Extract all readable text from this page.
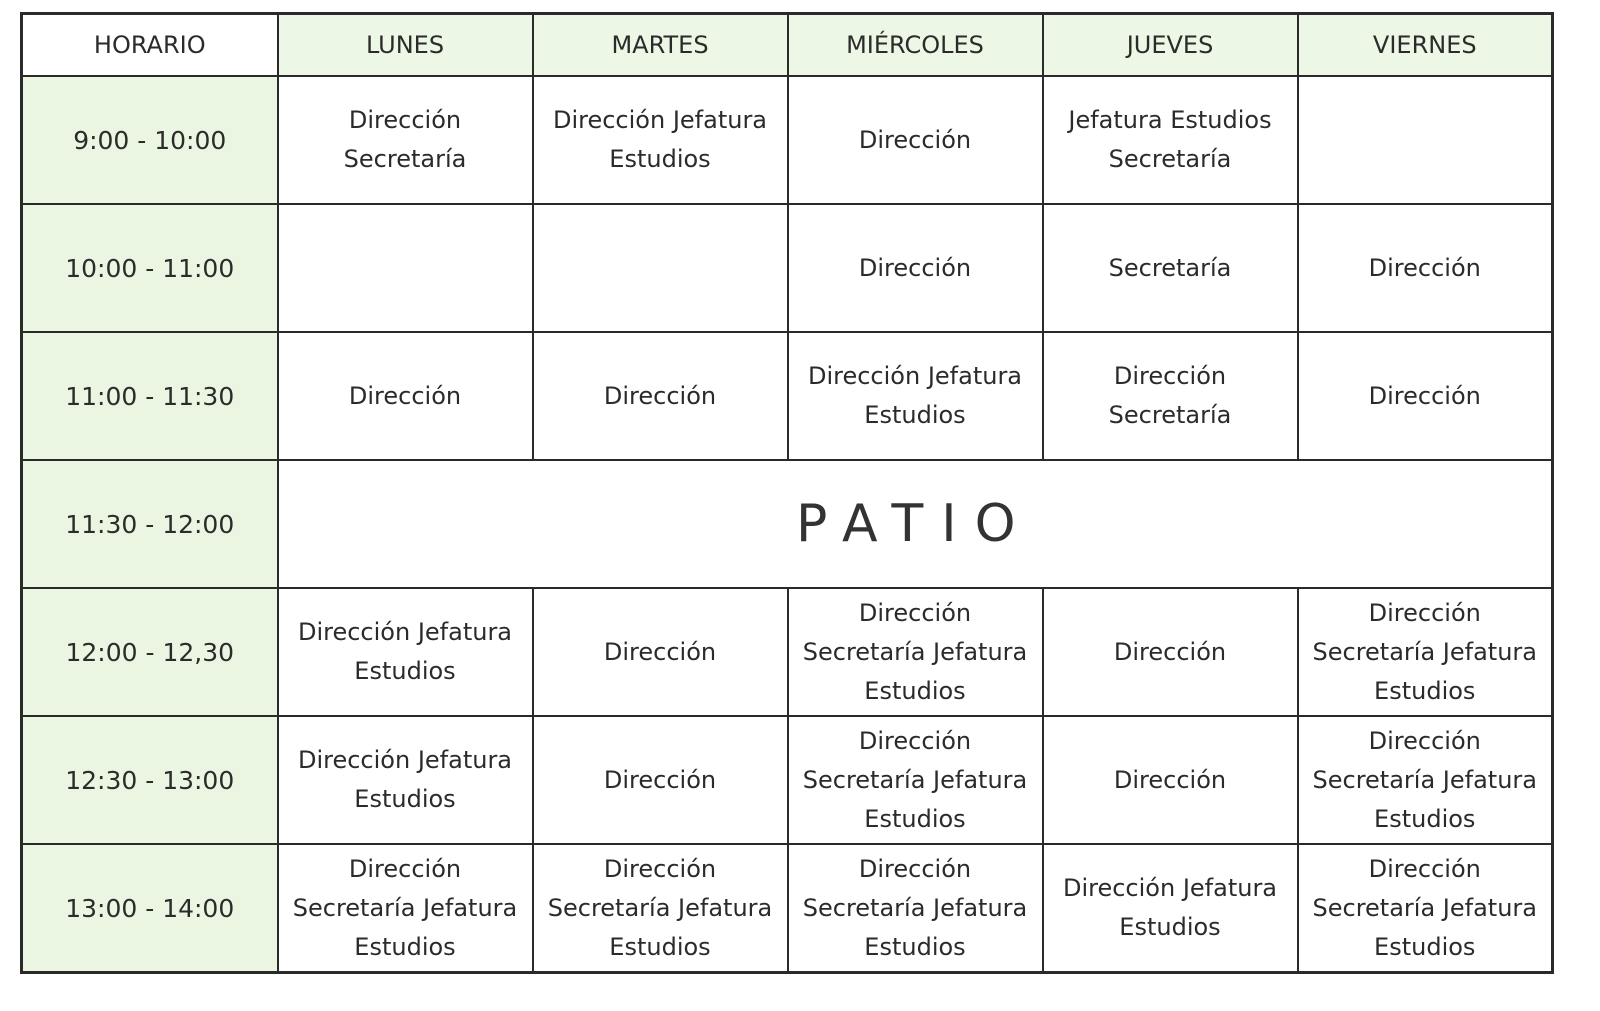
HORARIO	LUNES	MARTES	MIÉRCOLES	JUEVES	VIERNES
9:00 - 10:00	Dirección Secretaría	Dirección Jefatura Estudios	Dirección	Jefatura Estudios Secretaría	
10:00 - 11:00			Dirección	Secretaría	Dirección
11:00 - 11:30	Dirección	Dirección	Dirección Jefatura Estudios	Dirección Secretaría	Dirección
11:30 - 12:00	PATIO				
12:00 - 12,30	Dirección Jefatura Estudios	Dirección	Dirección Secretaría Jefatura Estudios	Dirección	Dirección Secretaría Jefatura Estudios
12:30 - 13:00	Dirección Jefatura Estudios	Dirección	Dirección Secretaría Jefatura Estudios	Dirección	Dirección Secretaría Jefatura Estudios
13:00 - 14:00	Dirección Secretaría Jefatura Estudios	Dirección Secretaría Jefatura Estudios	Dirección Secretaría Jefatura Estudios	Dirección Jefatura Estudios	Dirección Secretaría Jefatura Estudios
